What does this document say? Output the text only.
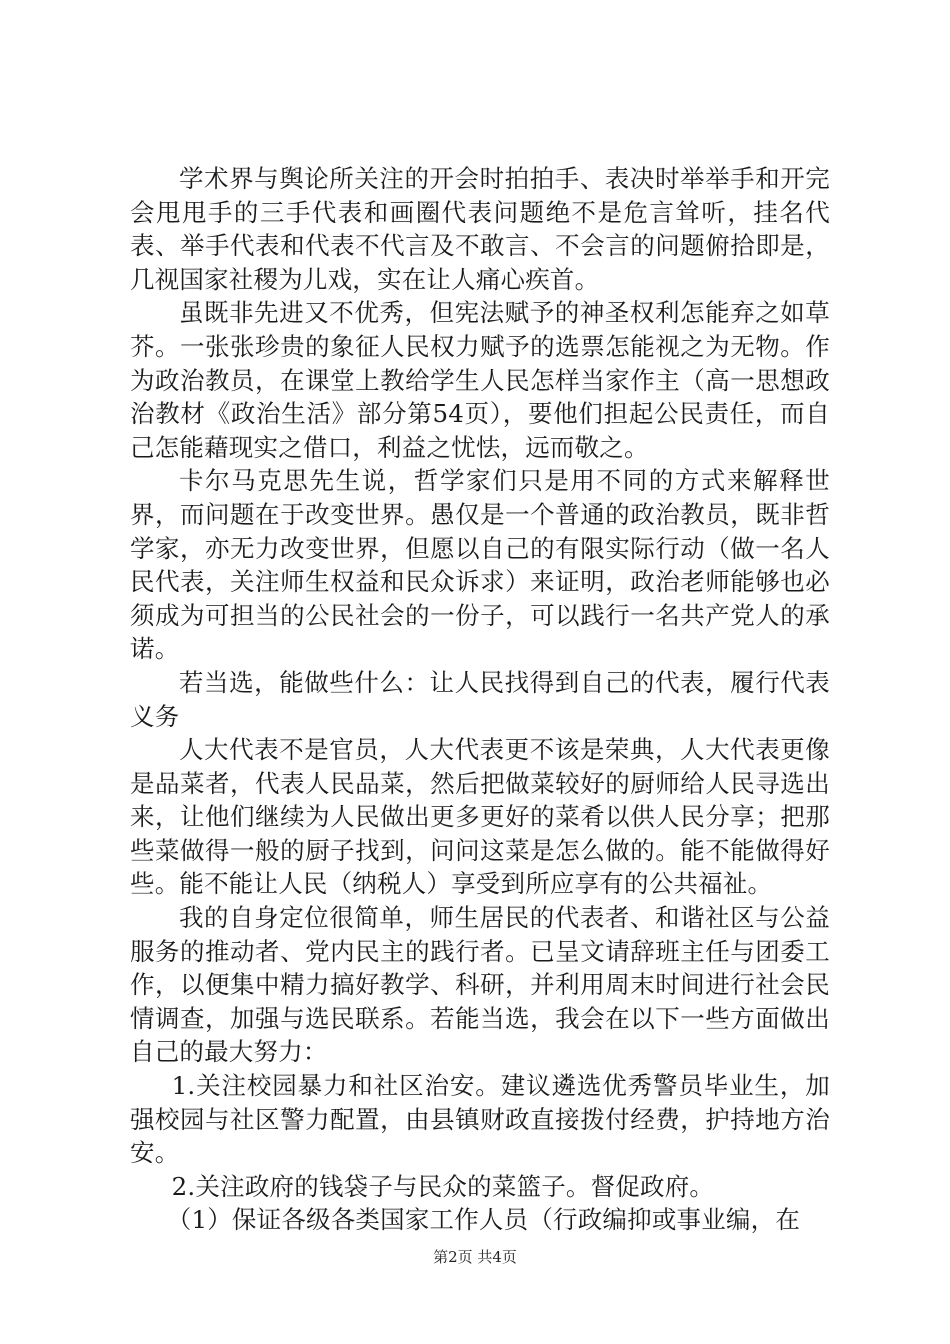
学术界与舆论所关注的开会时拍拍手、表决时举举手和开完会甩甩手的三手代表和画圈代表问题绝不是危言耸听，挂名代表、举手代表和代表不代言及不敢言、不会言的问题俯拾即是，几视国家社稷为儿戏，实在让人痛心疾首。

虽既非先进又不优秀，但宪法赋予的神圣权利怎能弃之如草芥。一张张珍贵的象征人民权力赋予的选票怎能视之为无物。作为政治教员，在课堂上教给学生人民怎样当家作主（高一思想政治教材《政治生活》部分第54页），要他们担起公民责任，而自己怎能藉现实之借口，利益之忧怯，远而敬之。

卡尔马克思先生说，哲学家们只是用不同的方式来解释世界，而问题在于改变世界。愚仅是一个普通的政治教员，既非哲学家，亦无力改变世界，但愿以自己的有限实际行动（做一名人民代表，关注师生权益和民众诉求）来证明，政治老师能够也必须成为可担当的公民社会的一份子，可以践行一名共产党人的承诺。

若当选，能做些什么：让人民找得到自己的代表，履行代表义务

人大代表不是官员，人大代表更不该是荣典，人大代表更像是品菜者，代表人民品菜，然后把做菜较好的厨师给人民寻选出来，让他们继续为人民做出更多更好的菜肴以供人民分享；把那些菜做得一般的厨子找到，问问这菜是怎么做的。能不能做得好些。能不能让人民（纳税人）享受到所应享有的公共福祉。

我的自身定位很简单，师生居民的代表者、和谐社区与公益服务的推动者、党内民主的践行者。已呈文请辞班主任与团委工作，以便集中精力搞好教学、科研，并利用周末时间进行社会民情调查，加强与选民联系。若能当选，我会在以下一些方面做出自己的最大努力：

1.关注校园暴力和社区治安。建议遴选优秀警员毕业生，加强校园与社区警力配置，由县镇财政直接拨付经费，护持地方治安。

2.关注政府的钱袋子与民众的菜篮子。督促政府。

（1）保证各级各类国家工作人员（行政编抑或事业编，在

第2页 共4页
